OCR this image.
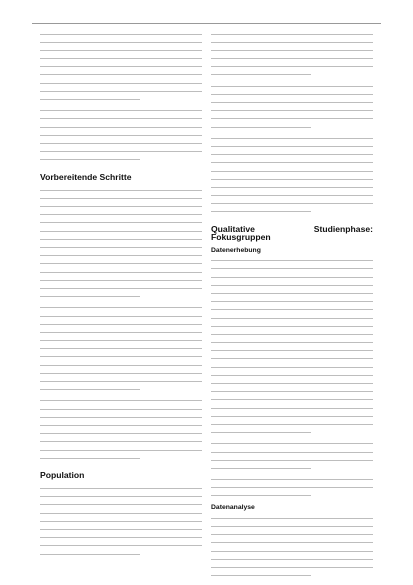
Vorbereitende Schritte
Population
Qualitative Studienphase: Fokusgruppen
Datenerhebung
Datenanalyse
